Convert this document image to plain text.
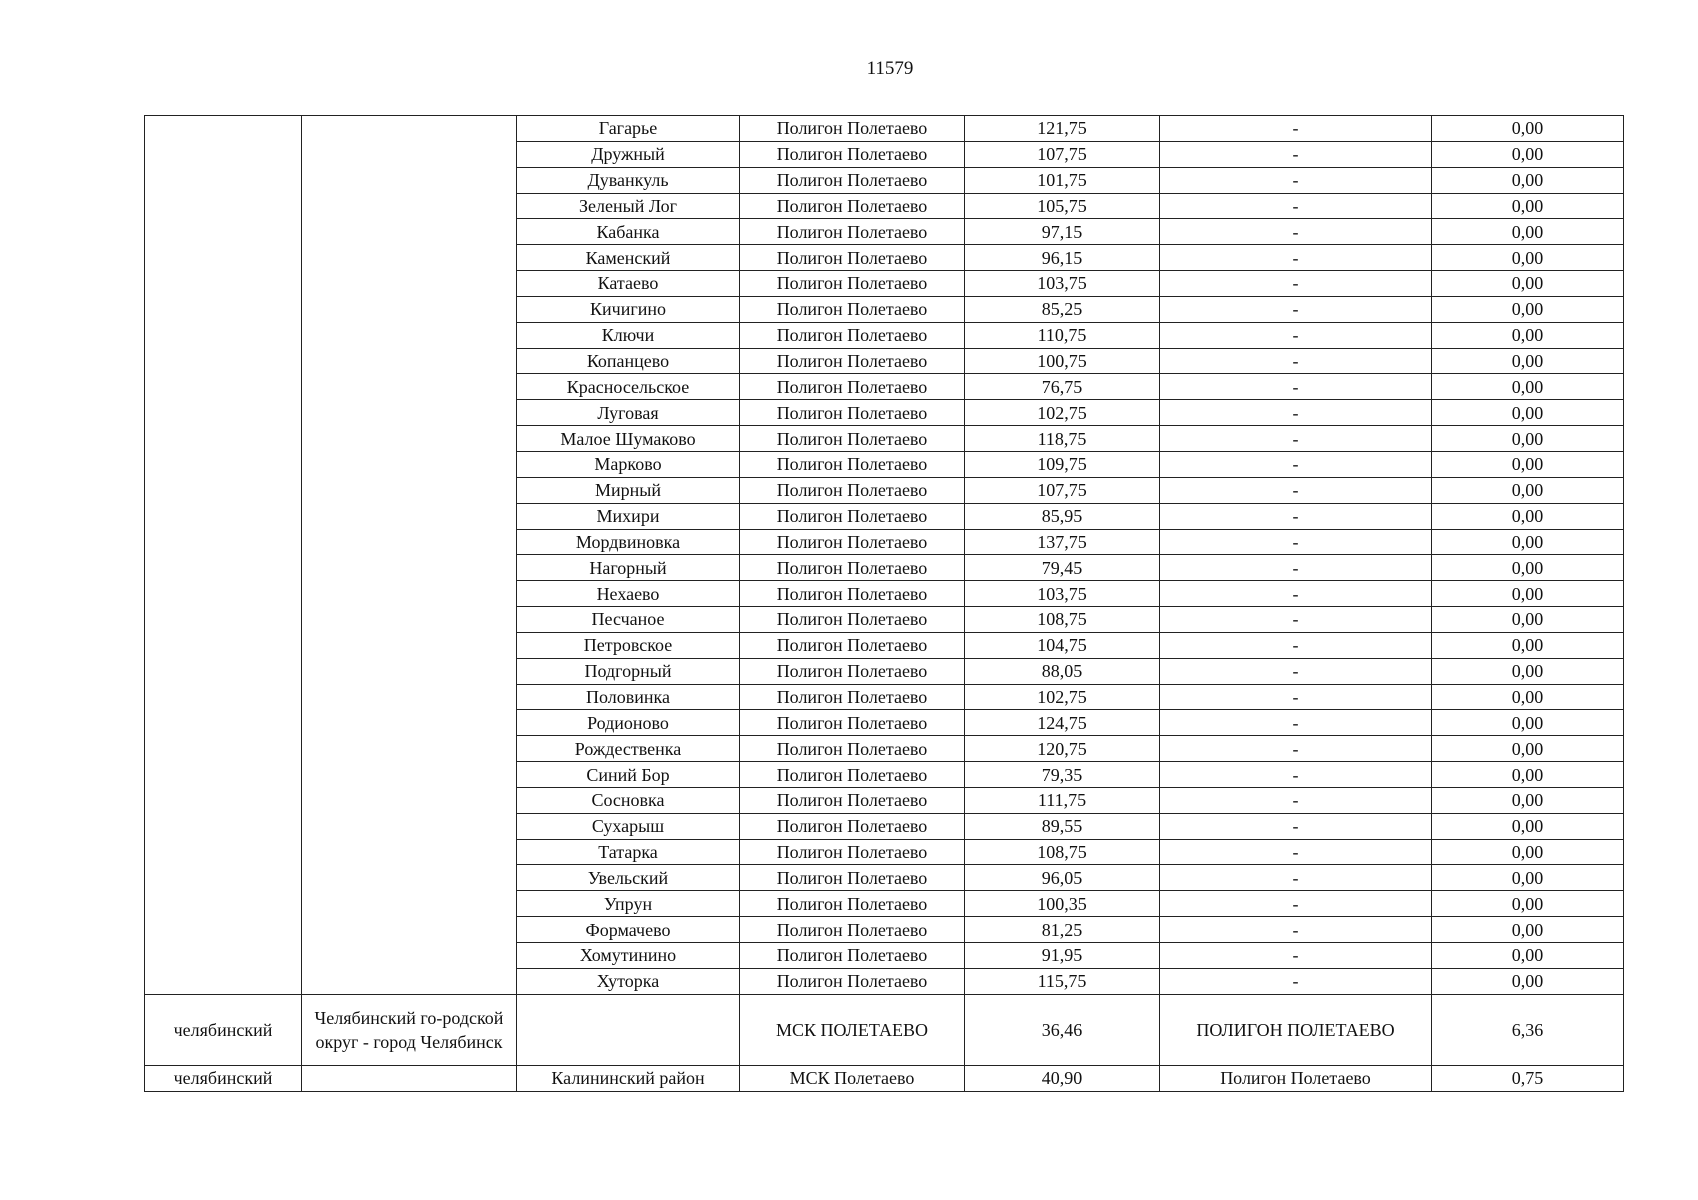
11579
		Гагарье	Полигон Полетаево	121,75	-	0,00
		Дружный	Полигон Полетаево	107,75	-	0,00
		Дуванкуль	Полигон Полетаево	101,75	-	0,00
		Зеленый Лог	Полигон Полетаево	105,75	-	0,00
		Кабанка	Полигон Полетаево	97,15	-	0,00
		Каменский	Полигон Полетаево	96,15	-	0,00
		Катаево	Полигон Полетаево	103,75	-	0,00
		Кичигино	Полигон Полетаево	85,25	-	0,00
		Ключи	Полигон Полетаево	110,75	-	0,00
		Копанцево	Полигон Полетаево	100,75	-	0,00
		Красносельское	Полигон Полетаево	76,75	-	0,00
		Луговая	Полигон Полетаево	102,75	-	0,00
		Малое Шумаково	Полигон Полетаево	118,75	-	0,00
		Марково	Полигон Полетаево	109,75	-	0,00
		Мирный	Полигон Полетаево	107,75	-	0,00
		Михири	Полигон Полетаево	85,95	-	0,00
		Мордвиновка	Полигон Полетаево	137,75	-	0,00
		Нагорный	Полигон Полетаево	79,45	-	0,00
		Нехаево	Полигон Полетаево	103,75	-	0,00
		Песчаное	Полигон Полетаево	108,75	-	0,00
		Петровское	Полигон Полетаево	104,75	-	0,00
		Подгорный	Полигон Полетаево	88,05	-	0,00
		Половинка	Полигон Полетаево	102,75	-	0,00
		Родионово	Полигон Полетаево	124,75	-	0,00
		Рождественка	Полигон Полетаево	120,75	-	0,00
		Синий Бор	Полигон Полетаево	79,35	-	0,00
		Сосновка	Полигон Полетаево	111,75	-	0,00
		Сухарыш	Полигон Полетаево	89,55	-	0,00
		Татарка	Полигон Полетаево	108,75	-	0,00
		Увельский	Полигон Полетаево	96,05	-	0,00
		Упрун	Полигон Полетаево	100,35	-	0,00
		Формачево	Полигон Полетаево	81,25	-	0,00
		Хомутинино	Полигон Полетаево	91,95	-	0,00
		Хуторка	Полигон Полетаево	115,75	-	0,00
челябинский	Челябинский го-родской округ - город Челябинск		МСК ПОЛЕТАЕВО	36,46	ПОЛИГОН ПОЛЕТАЕВО	6,36
челябинский		Калининский район	МСК Полетаево	40,90	Полигон Полетаево	0,75
